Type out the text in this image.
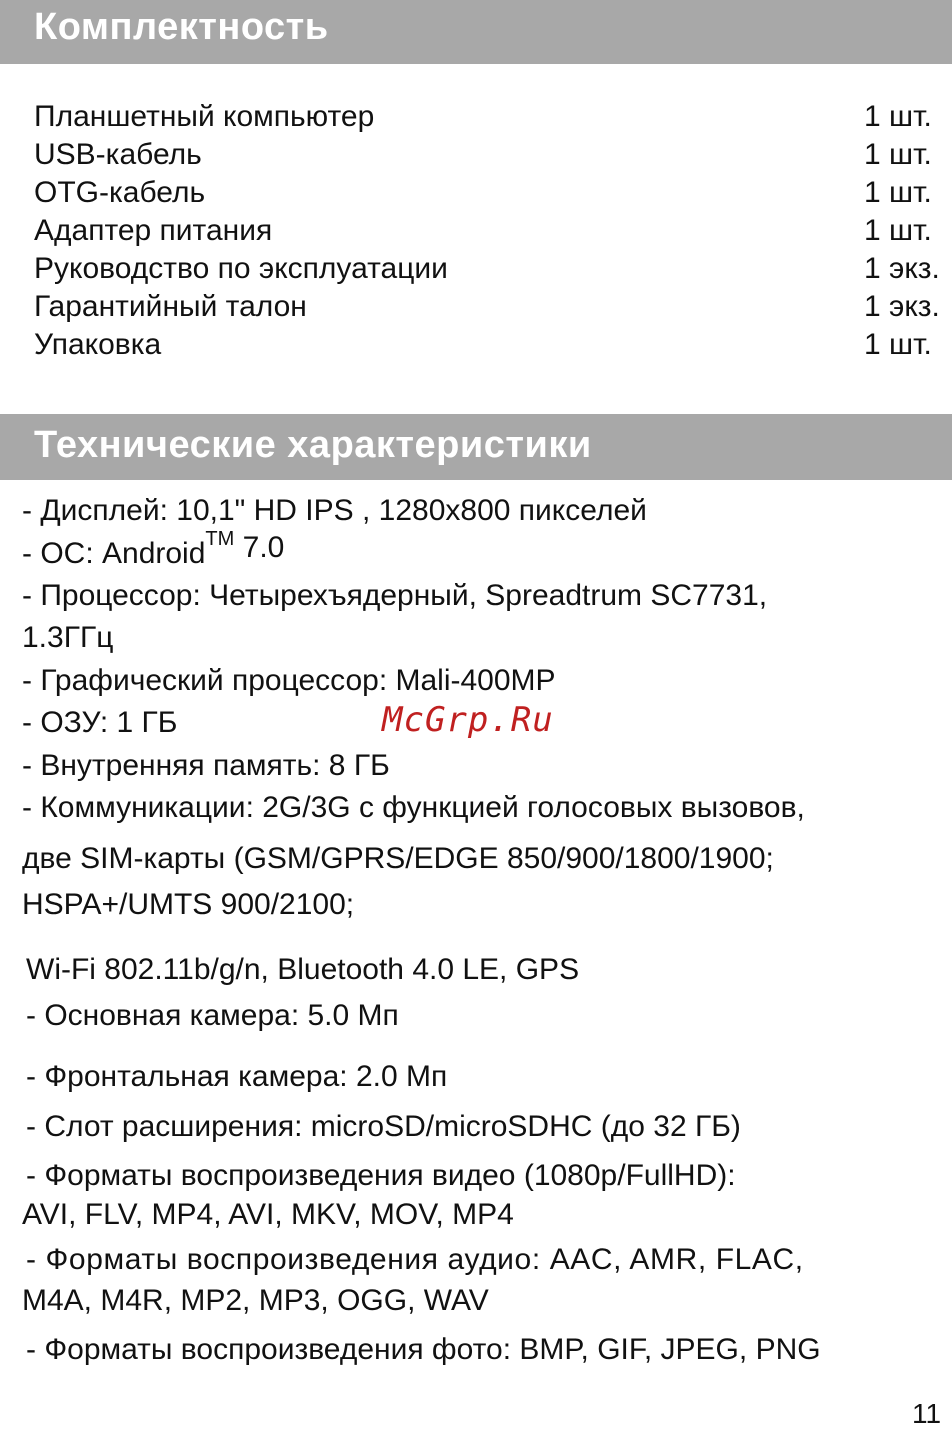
Комплектность
Планшетный компьютер	1 шт.
USB-кабель	1 шт.
OTG-кабель	1 шт.
Адаптер питания	1 шт.
Руководство по эксплуатации	1 экз.
Гарантийный талон	1 экз.
Упаковка	1 шт.
Технические характеристики
- Дисплей: 10,1" HD IPS , 1280x800 пикселей
- ОС: Android™ 7.0
- Процессор: Четырехъядерный, Spreadtrum SC7731,
1.3ГГц
- Графический процессор: Mali-400MP
- ОЗУ: 1 ГБ
- Внутренняя память: 8 ГБ
- Коммуникации: 2G/3G с функцией голосовых вызовов,
две SIM-карты (GSM/GPRS/EDGE 850/900/1800/1900;
HSPA+/UMTS 900/2100;
Wi-Fi 802.11b/g/n, Bluetooth 4.0 LE, GPS
- Основная камера: 5.0 Мп
- Фронтальная камера: 2.0 Мп
- Слот расширения: microSD/microSDHC (до 32 ГБ)
- Форматы воспроизведения видео (1080p/FullHD):
AVI, FLV, MP4, AVI, MKV, MOV, MP4
- Форматы воспроизведения аудио: AAC, AMR, FLAC,
M4A, M4R, MP2, MP3, OGG, WAV
- Форматы воспроизведения фото: BMP, GIF, JPEG, PNG
McGrp.Ru
11
